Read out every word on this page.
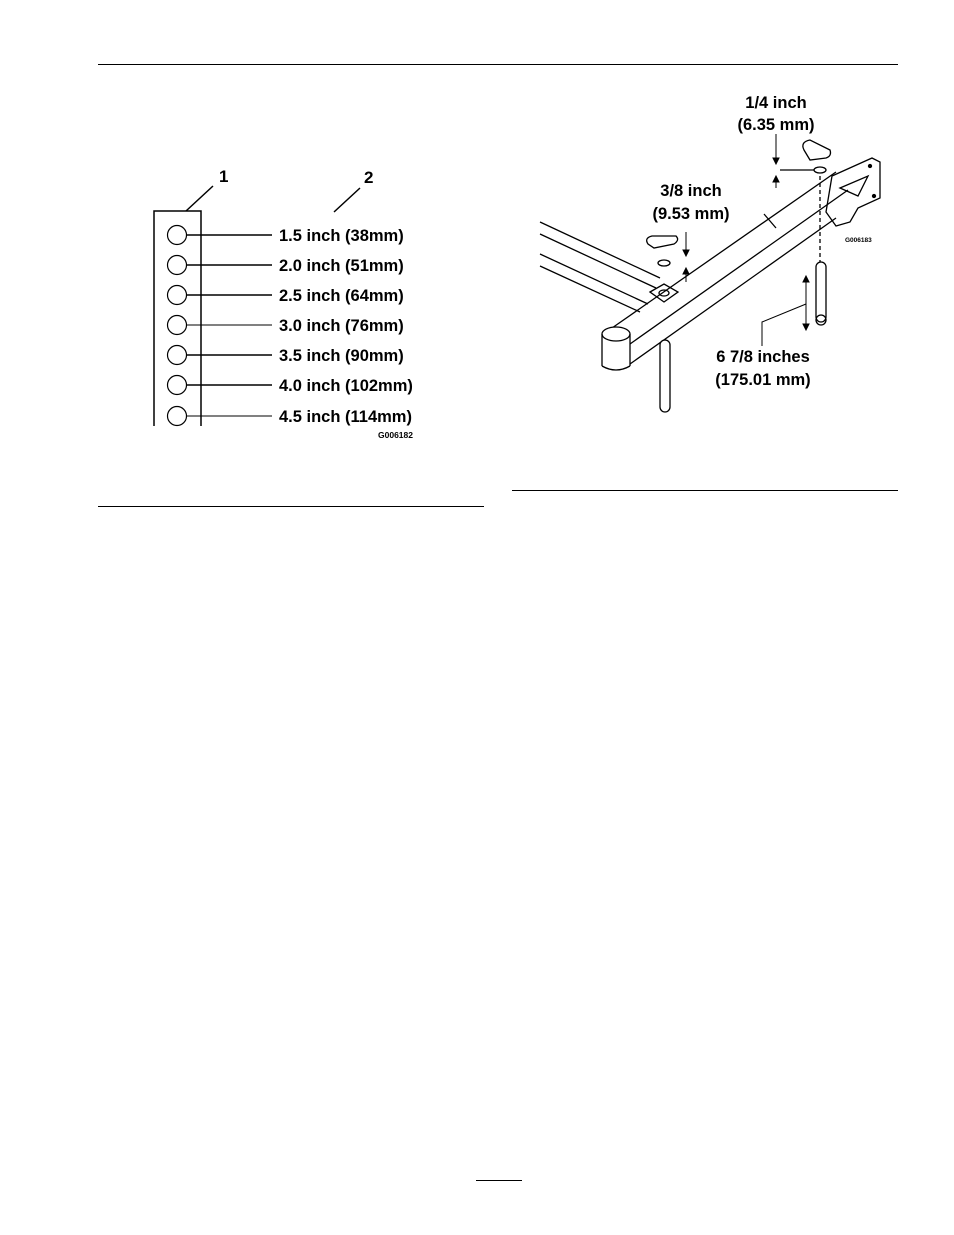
1	2
1.5 inch (38mm)
2.0 inch (51mm)
2.5 inch (64mm)
3.0 inch (76mm)
3.5 inch (90mm)
4.0 inch (102mm)
4.5 inch (114mm)
G006182
1/4 inch
(6.35 mm)
3/8 inch
(9.53 mm)
6 7/8 inches
(175.01 mm)
G006183
